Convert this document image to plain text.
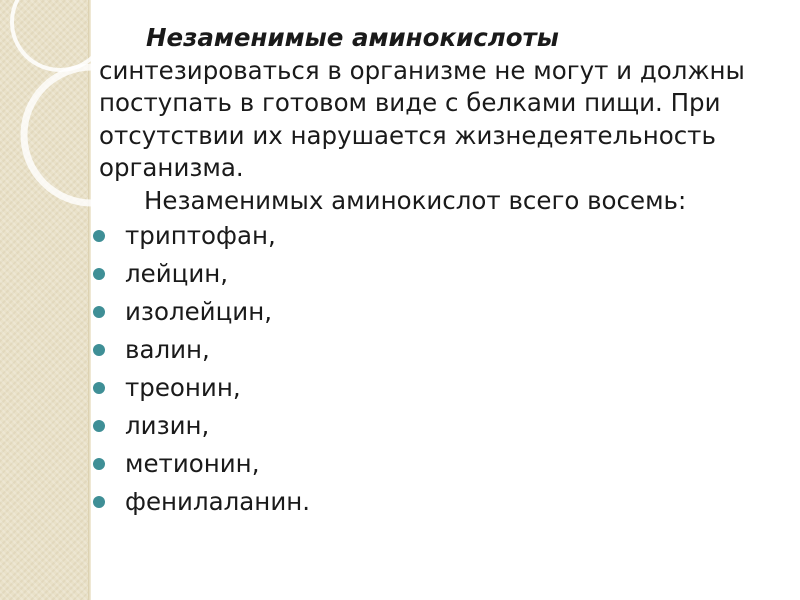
Незаменимые аминокислоты синтезироваться в организме не могут и должны поступать в готовом виде с белками пищи. При отсутствии их нарушается жизнедеятельность организма.

Незаменимых аминокислот всего восемь:

триптофан,
лейцин,
изолейцин,
валин,
треонин,
лизин,
метионин,
фенилаланин.
